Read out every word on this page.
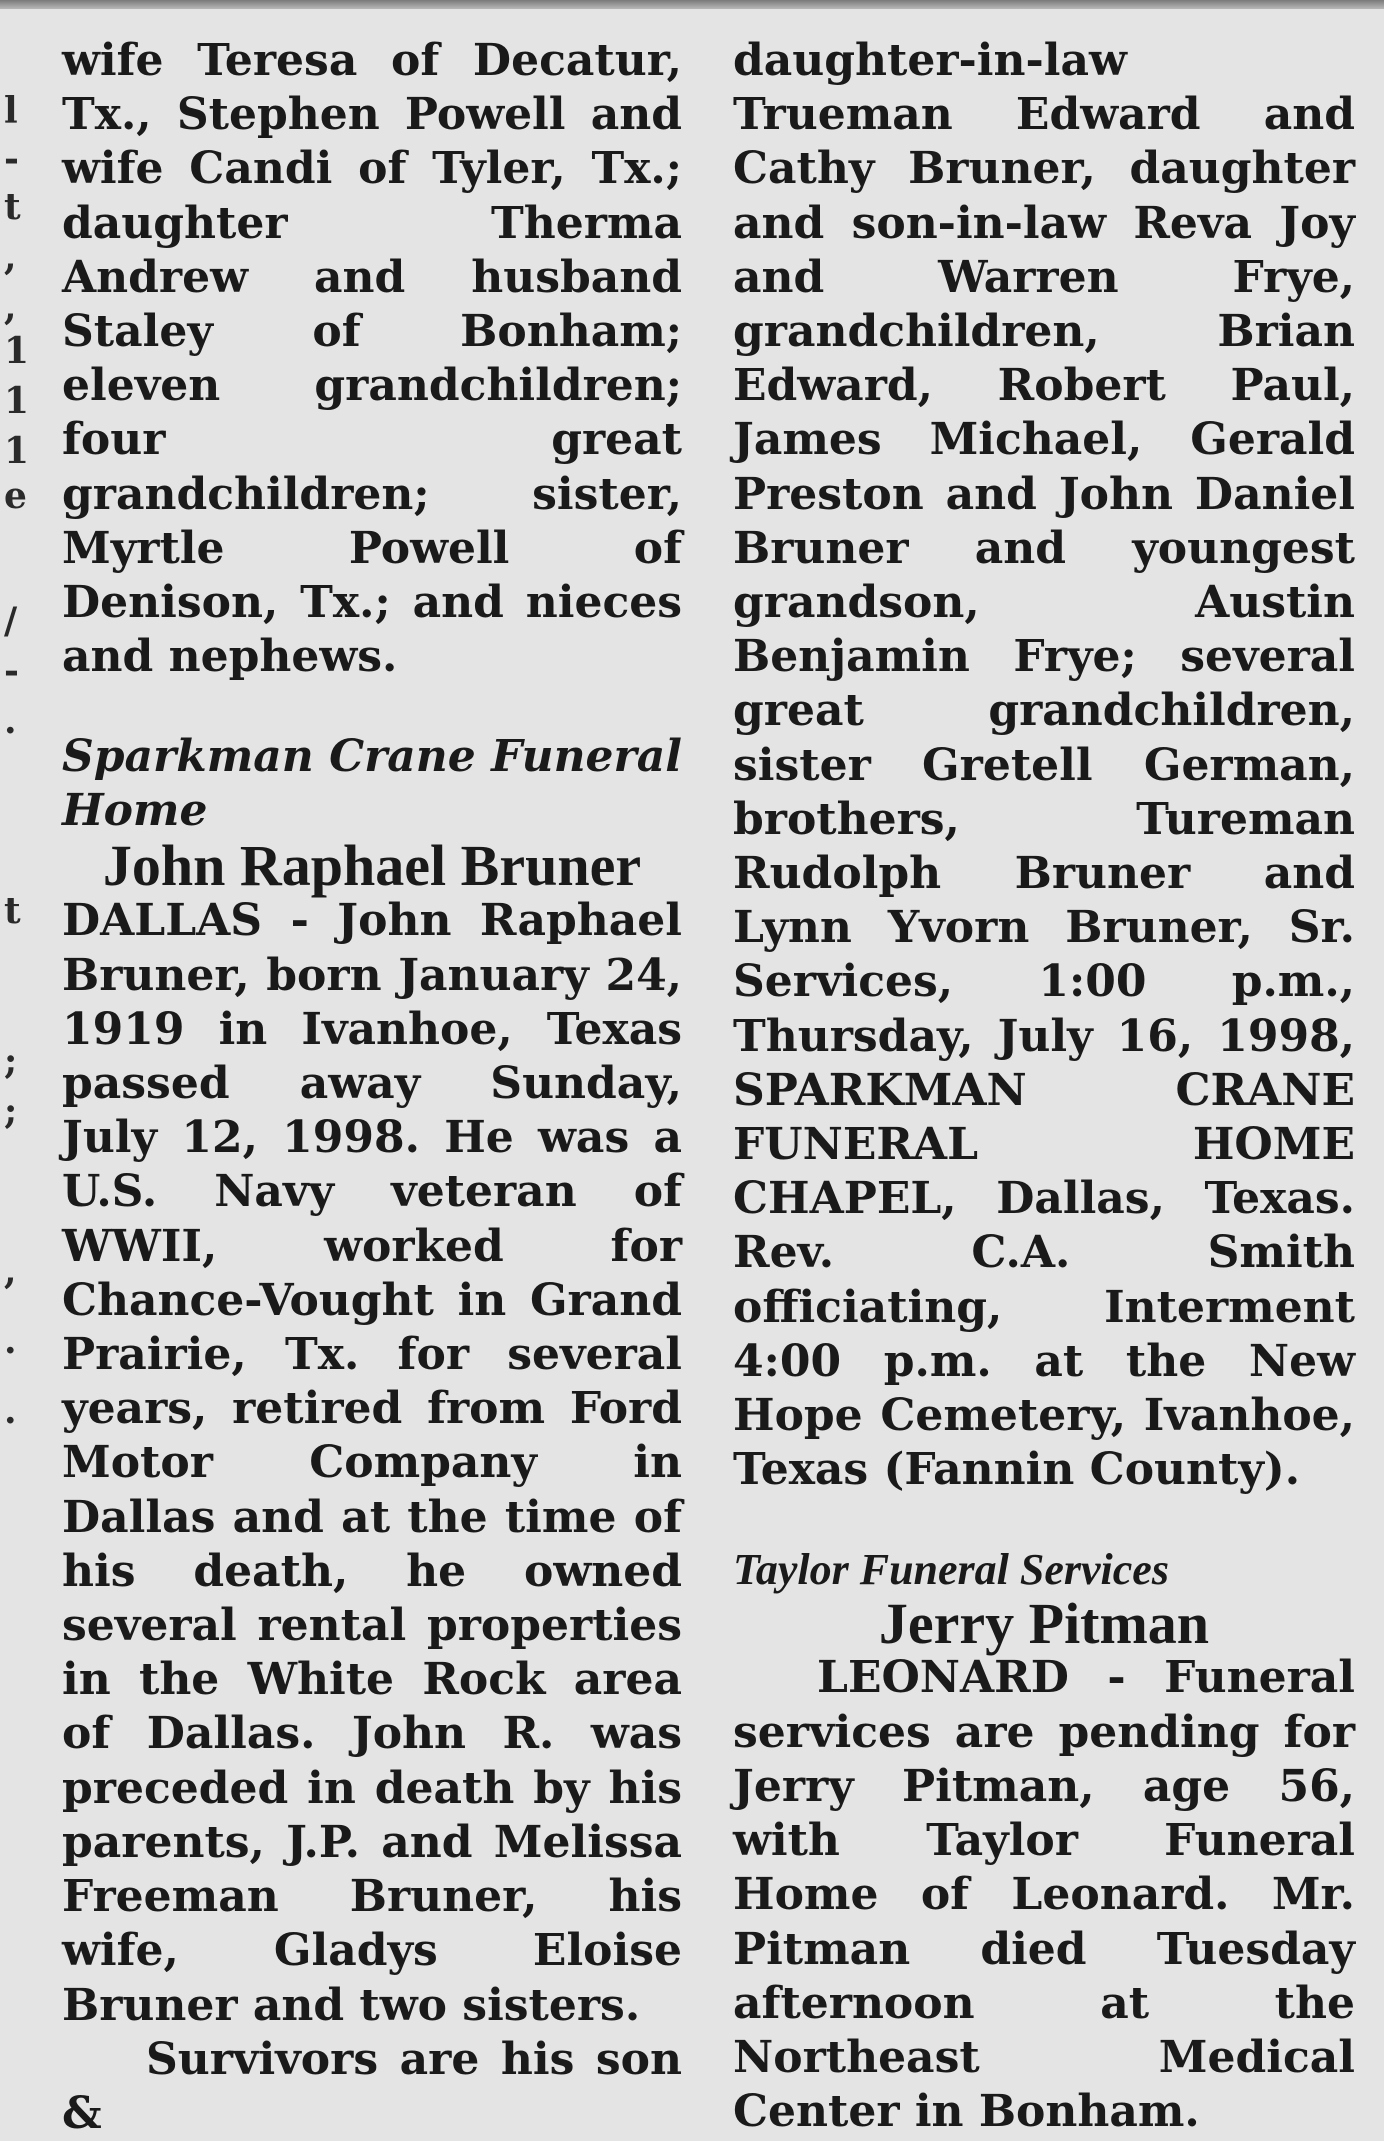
l
-
t
,
,
1
1
1
e
/
-
.
t
;
;
,
.
.

wife Teresa of Decatur, Tx., Stephen Powell and wife Candi of Tyler, Tx.; daughter Therma Andrew and husband Staley of Bonham; eleven grandchildren; four great grandchildren; sister, Myrtle Powell of Denison, Tx.; and nieces and nephews.

Sparkman Crane Funeral Home

John Raphael Bruner

DALLAS - John Raphael Bruner, born January 24, 1919 in Ivanhoe, Texas passed away Sunday, July 12, 1998. He was a U.S. Navy veteran of WWII, worked for Chance-Vought in Grand Prairie, Tx. for several years, retired from Ford Motor Company in Dallas and at the time of his death, he owned several rental properties in the White Rock area of Dallas. John R. was preceded in death by his parents, J.P. and Melissa Freeman Bruner, his wife, Gladys Eloise Bruner and two sisters.

Survivors are his son &

daughter-in-law Trueman Edward and Cathy Bruner, daughter and son-in-law Reva Joy and Warren Frye, grandchildren, Brian Edward, Robert Paul, James Michael, Gerald Preston and John Daniel Bruner and youngest grandson, Austin Benjamin Frye; several great grandchildren, sister Gretell German, brothers, Tureman Rudolph Bruner and Lynn Yvorn Bruner, Sr. Services, 1:00 p.m., Thursday, July 16, 1998, SPARKMAN CRANE FUNERAL HOME CHAPEL, Dallas, Texas. Rev. C.A. Smith officiating, Interment 4:00 p.m. at the New Hope Cemetery, Ivanhoe, Texas (Fannin County).

Taylor Funeral Services

Jerry Pitman

LEONARD - Funeral services are pending for Jerry Pitman, age 56, with Taylor Funeral Home of Leonard. Mr. Pitman died Tuesday afternoon at the Northeast Medical Center in Bonham.
